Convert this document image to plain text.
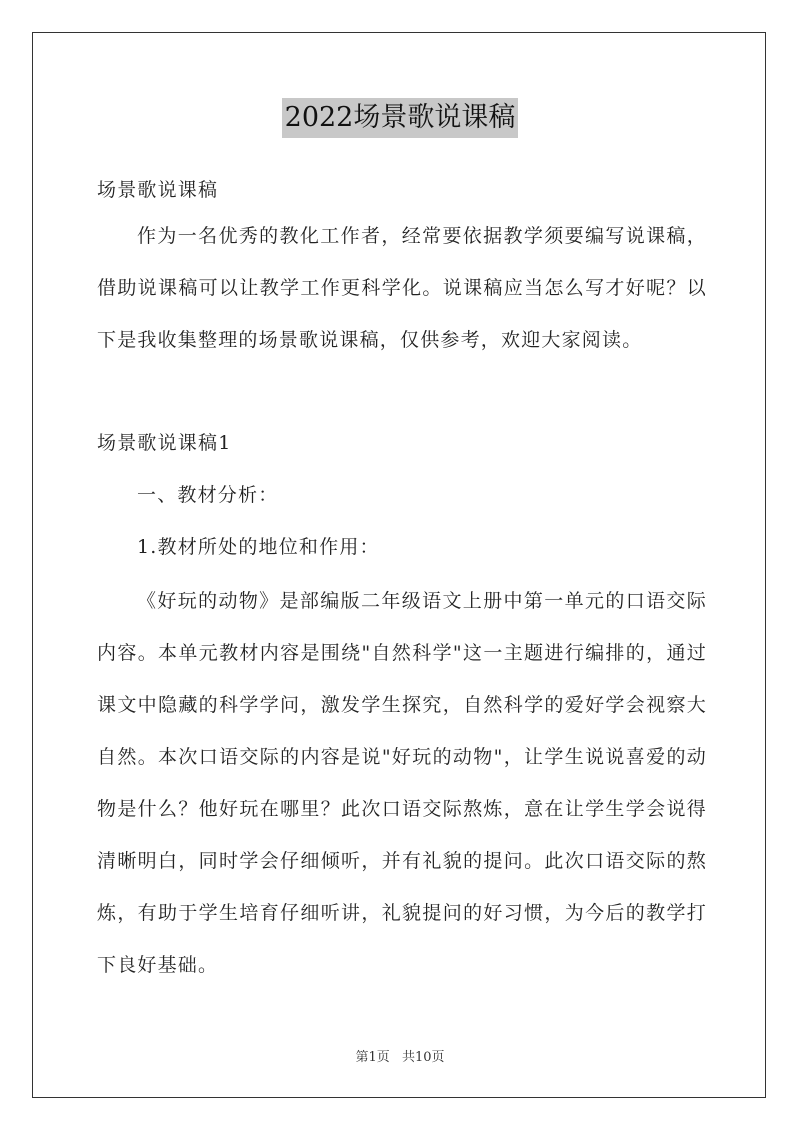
2022场景歌说课稿
场景歌说课稿

作为一名优秀的教化工作者，经常要依据教学须要编写说课稿，借助说课稿可以让教学工作更科学化。说课稿应当怎么写才好呢？以下是我收集整理的场景歌说课稿，仅供参考，欢迎大家阅读。

场景歌说课稿1
一、教材分析：
1.教材所处的地位和作用：

《好玩的动物》是部编版二年级语文上册中第一单元的口语交际内容。本单元教材内容是围绕"自然科学"这一主题进行编排的，通过课文中隐藏的科学学问，激发学生探究，自然科学的爱好学会视察大自然。本次口语交际的内容是说"好玩的动物"，让学生说说喜爱的动物是什么？他好玩在哪里？此次口语交际熬炼，意在让学生学会说得清晰明白，同时学会仔细倾听，并有礼貌的提问。此次口语交际的熬炼，有助于学生培育仔细听讲，礼貌提问的好习惯，为今后的教学打下良好基础。

第1页 共10页
